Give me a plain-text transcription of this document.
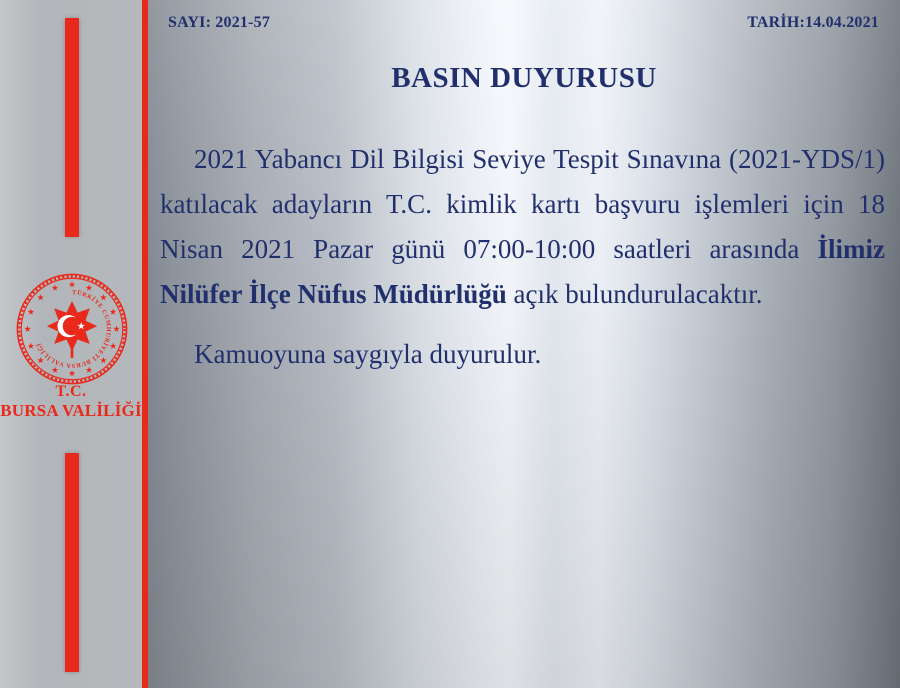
TÜRKİYE CUMHURİYETİ BURSA VALİLİĞİ
T.C.
BURSA VALİLİĞİ
SAYI: 2021-57	TARİH:14.04.2021
BASIN DUYURUSU

2021 Yabancı Dil Bilgisi Seviye Tespit Sınavına (2021-YDS/1) katılacak adayların T.C. kimlik kartı başvuru işlemleri için 18 Nisan 2021 Pazar günü 07:00-10:00 saatleri arasında İlimiz Nilüfer İlçe Nüfus Müdürlüğü açık bulundurulacaktır.

Kamuoyuna saygıyla duyurulur.
